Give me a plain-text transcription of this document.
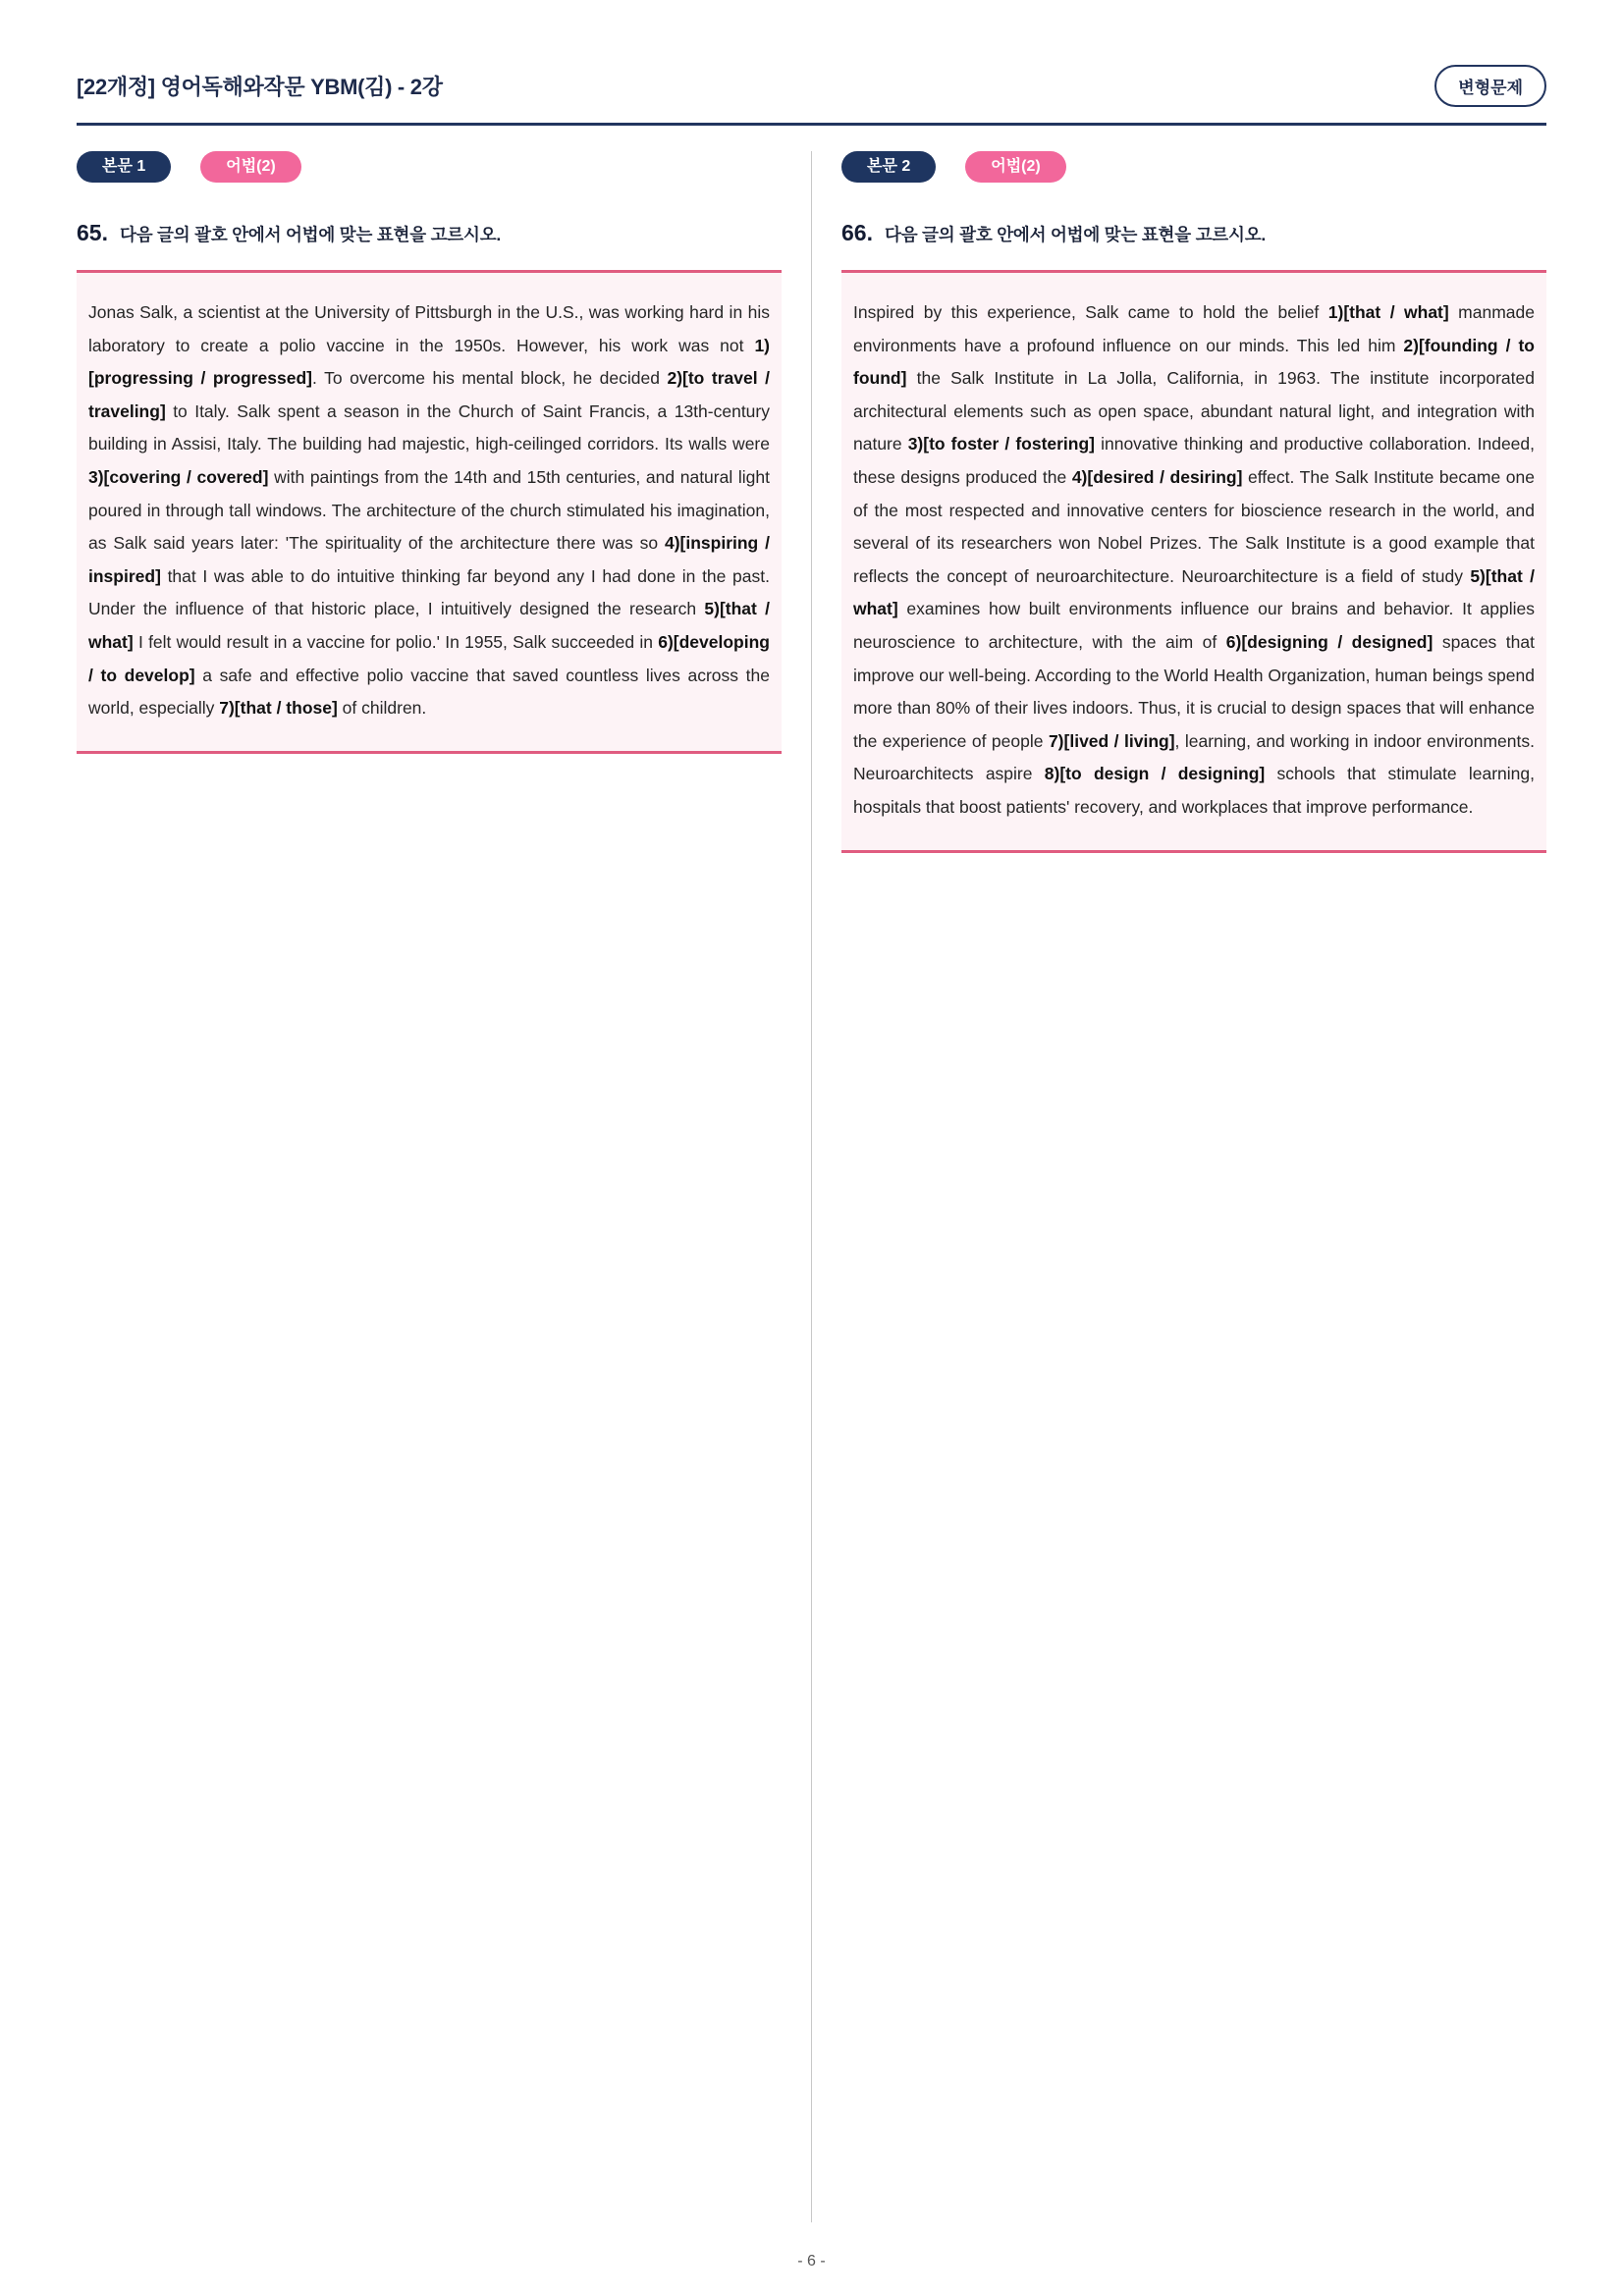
[22개정] 영어독해와작문 YBM(김) - 2강	변형문제
본문 1	어법(2)
65. 다음 글의 괄호 안에서 어법에 맞는 표현을 고르시오.
Jonas Salk, a scientist at the University of Pittsburgh in the U.S., was working hard in his laboratory to create a polio vaccine in the 1950s. However, his work was not 1)[progressing / progressed]. To overcome his mental block, he decided 2)[to travel / traveling] to Italy. Salk spent a season in the Church of Saint Francis, a 13th-century building in Assisi, Italy. The building had majestic, high-ceilinged corridors. Its walls were 3)[covering / covered] with paintings from the 14th and 15th centuries, and natural light poured in through tall windows. The architecture of the church stimulated his imagination, as Salk said years later: 'The spirituality of the architecture there was so 4)[inspiring / inspired] that I was able to do intuitive thinking far beyond any I had done in the past. Under the influence of that historic place, I intuitively designed the research 5)[that / what] I felt would result in a vaccine for polio.' In 1955, Salk succeeded in 6)[developing / to develop] a safe and effective polio vaccine that saved countless lives across the world, especially 7)[that / those] of children.
본문 2	어법(2)
66. 다음 글의 괄호 안에서 어법에 맞는 표현을 고르시오.
Inspired by this experience, Salk came to hold the belief 1)[that / what] manmade environments have a profound influence on our minds. This led him 2)[founding / to found] the Salk Institute in La Jolla, California, in 1963. The institute incorporated architectural elements such as open space, abundant natural light, and integration with nature 3)[to foster / fostering] innovative thinking and productive collaboration. Indeed, these designs produced the 4)[desired / desiring] effect. The Salk Institute became one of the most respected and innovative centers for bioscience research in the world, and several of its researchers won Nobel Prizes. The Salk Institute is a good example that reflects the concept of neuroarchitecture. Neuroarchitecture is a field of study 5)[that / what] examines how built environments influence our brains and behavior. It applies neuroscience to architecture, with the aim of 6)[designing / designed] spaces that improve our well-being. According to the World Health Organization, human beings spend more than 80% of their lives indoors. Thus, it is crucial to design spaces that will enhance the experience of people 7)[lived / living], learning, and working in indoor environments. Neuroarchitects aspire 8)[to design / designing] schools that stimulate learning, hospitals that boost patients' recovery, and workplaces that improve performance.
- 6 -
